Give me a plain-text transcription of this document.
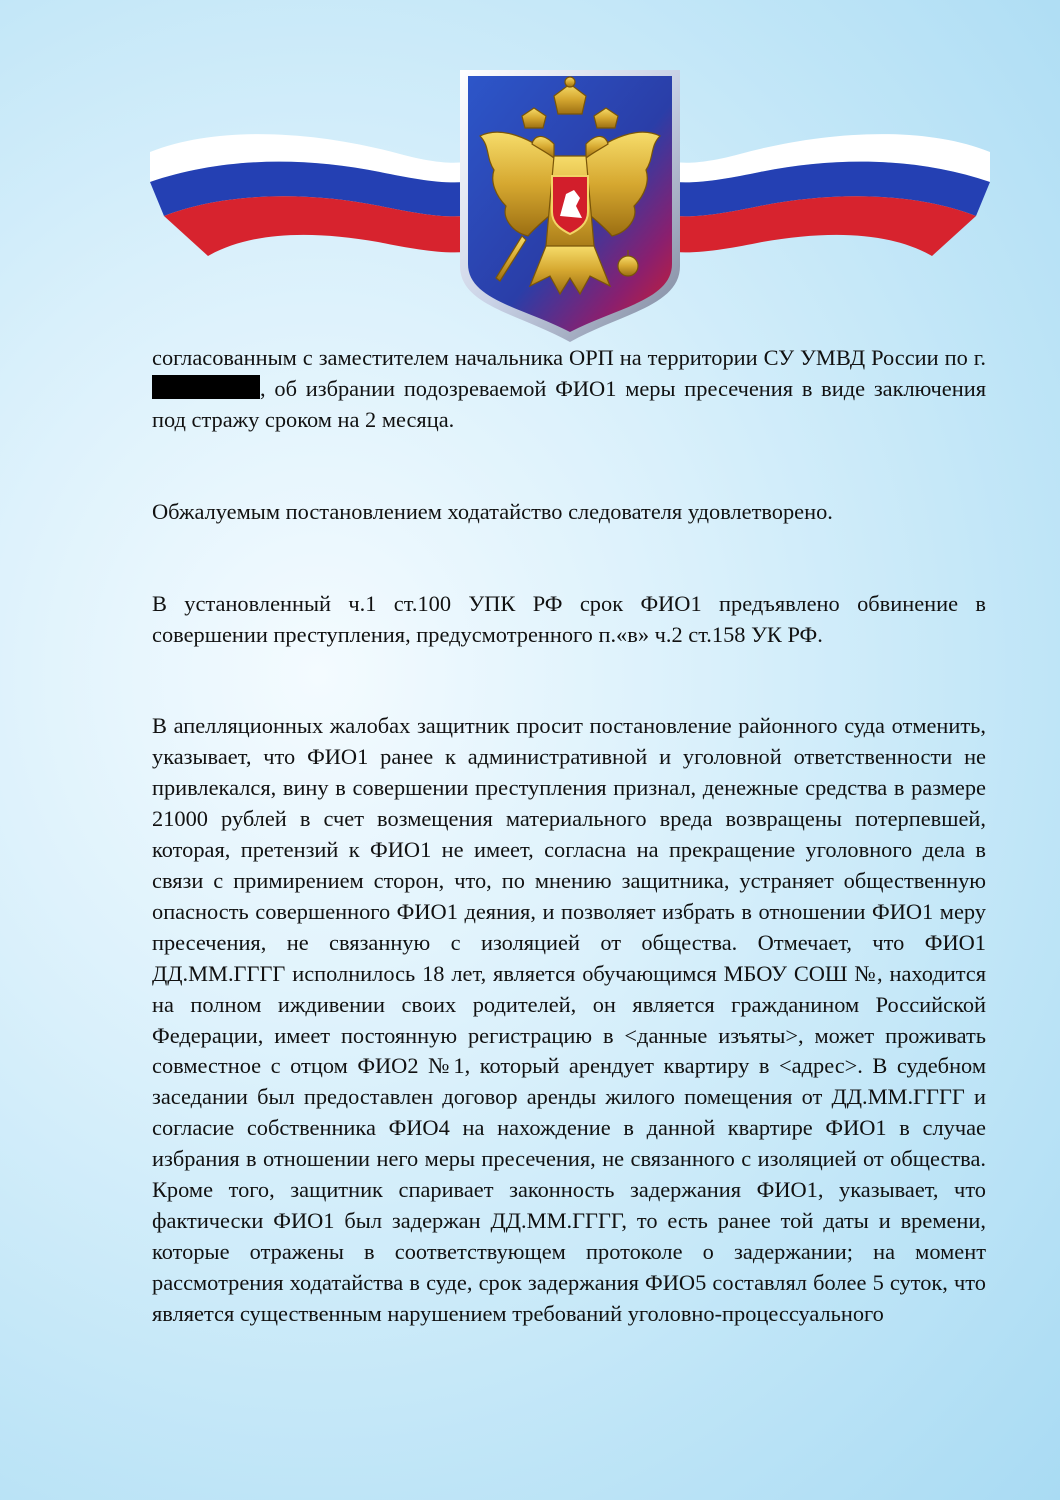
согласованным с заместителем начальника ОРП на территории СУ УМВД России по г., об избрании подозреваемой ФИО1 меры пресечения в виде заключения под стражу сроком на 2 месяца.

Обжалуемым постановлением ходатайство следователя удовлетворено.

В установленный ч.1 ст.100 УПК РФ срок ФИО1 предъявлено обвинение в совершении преступления, предусмотренного п.«в» ч.2 ст.158 УК РФ.

В апелляционных жалобах защитник просит постановление районного суда отменить, указывает, что ФИО1 ранее к административной и уголовной ответственности не привлекался, вину в совершении преступления признал, денежные средства в размере 21000 рублей в счет возмещения материального вреда возвращены потерпевшей, которая, претензий к ФИО1 не имеет, согласна на прекращение уголовного дела в связи с примирением сторон, что, по мнению защитника, устраняет общественную опасность совершенного ФИО1 деяния, и позволяет избрать в отношении ФИО1 меру пресечения, не связанную с изоляцией от общества. Отмечает, что ФИО1 ДД.ММ.ГГГГ исполнилось 18 лет, является обучающимся МБОУ СОШ №, находится на полном иждивении своих родителей, он является гражданином Российской Федерации, имеет постоянную регистрацию в <данные изъяты>, может проживать совместное с отцом ФИО2 №1, который арендует квартиру в <адрес>. В судебном заседании был предоставлен договор аренды жилого помещения от ДД.ММ.ГГГГ и согласие собственника ФИО4 на нахождение в данной квартире ФИО1 в случае избрания в отношении него меры пресечения, не связанного с изоляцией от общества. Кроме того, защитник спаривает законность задержания ФИО1, указывает, что фактически ФИО1 был задержан ДД.ММ.ГГГГ, то есть ранее той даты и времени, которые отражены в соответствующем протоколе о задержании; на момент рассмотрения ходатайства в суде, срок задержания ФИО5 составлял более 5 суток, что является существенным нарушением требований уголовно-процессуального
